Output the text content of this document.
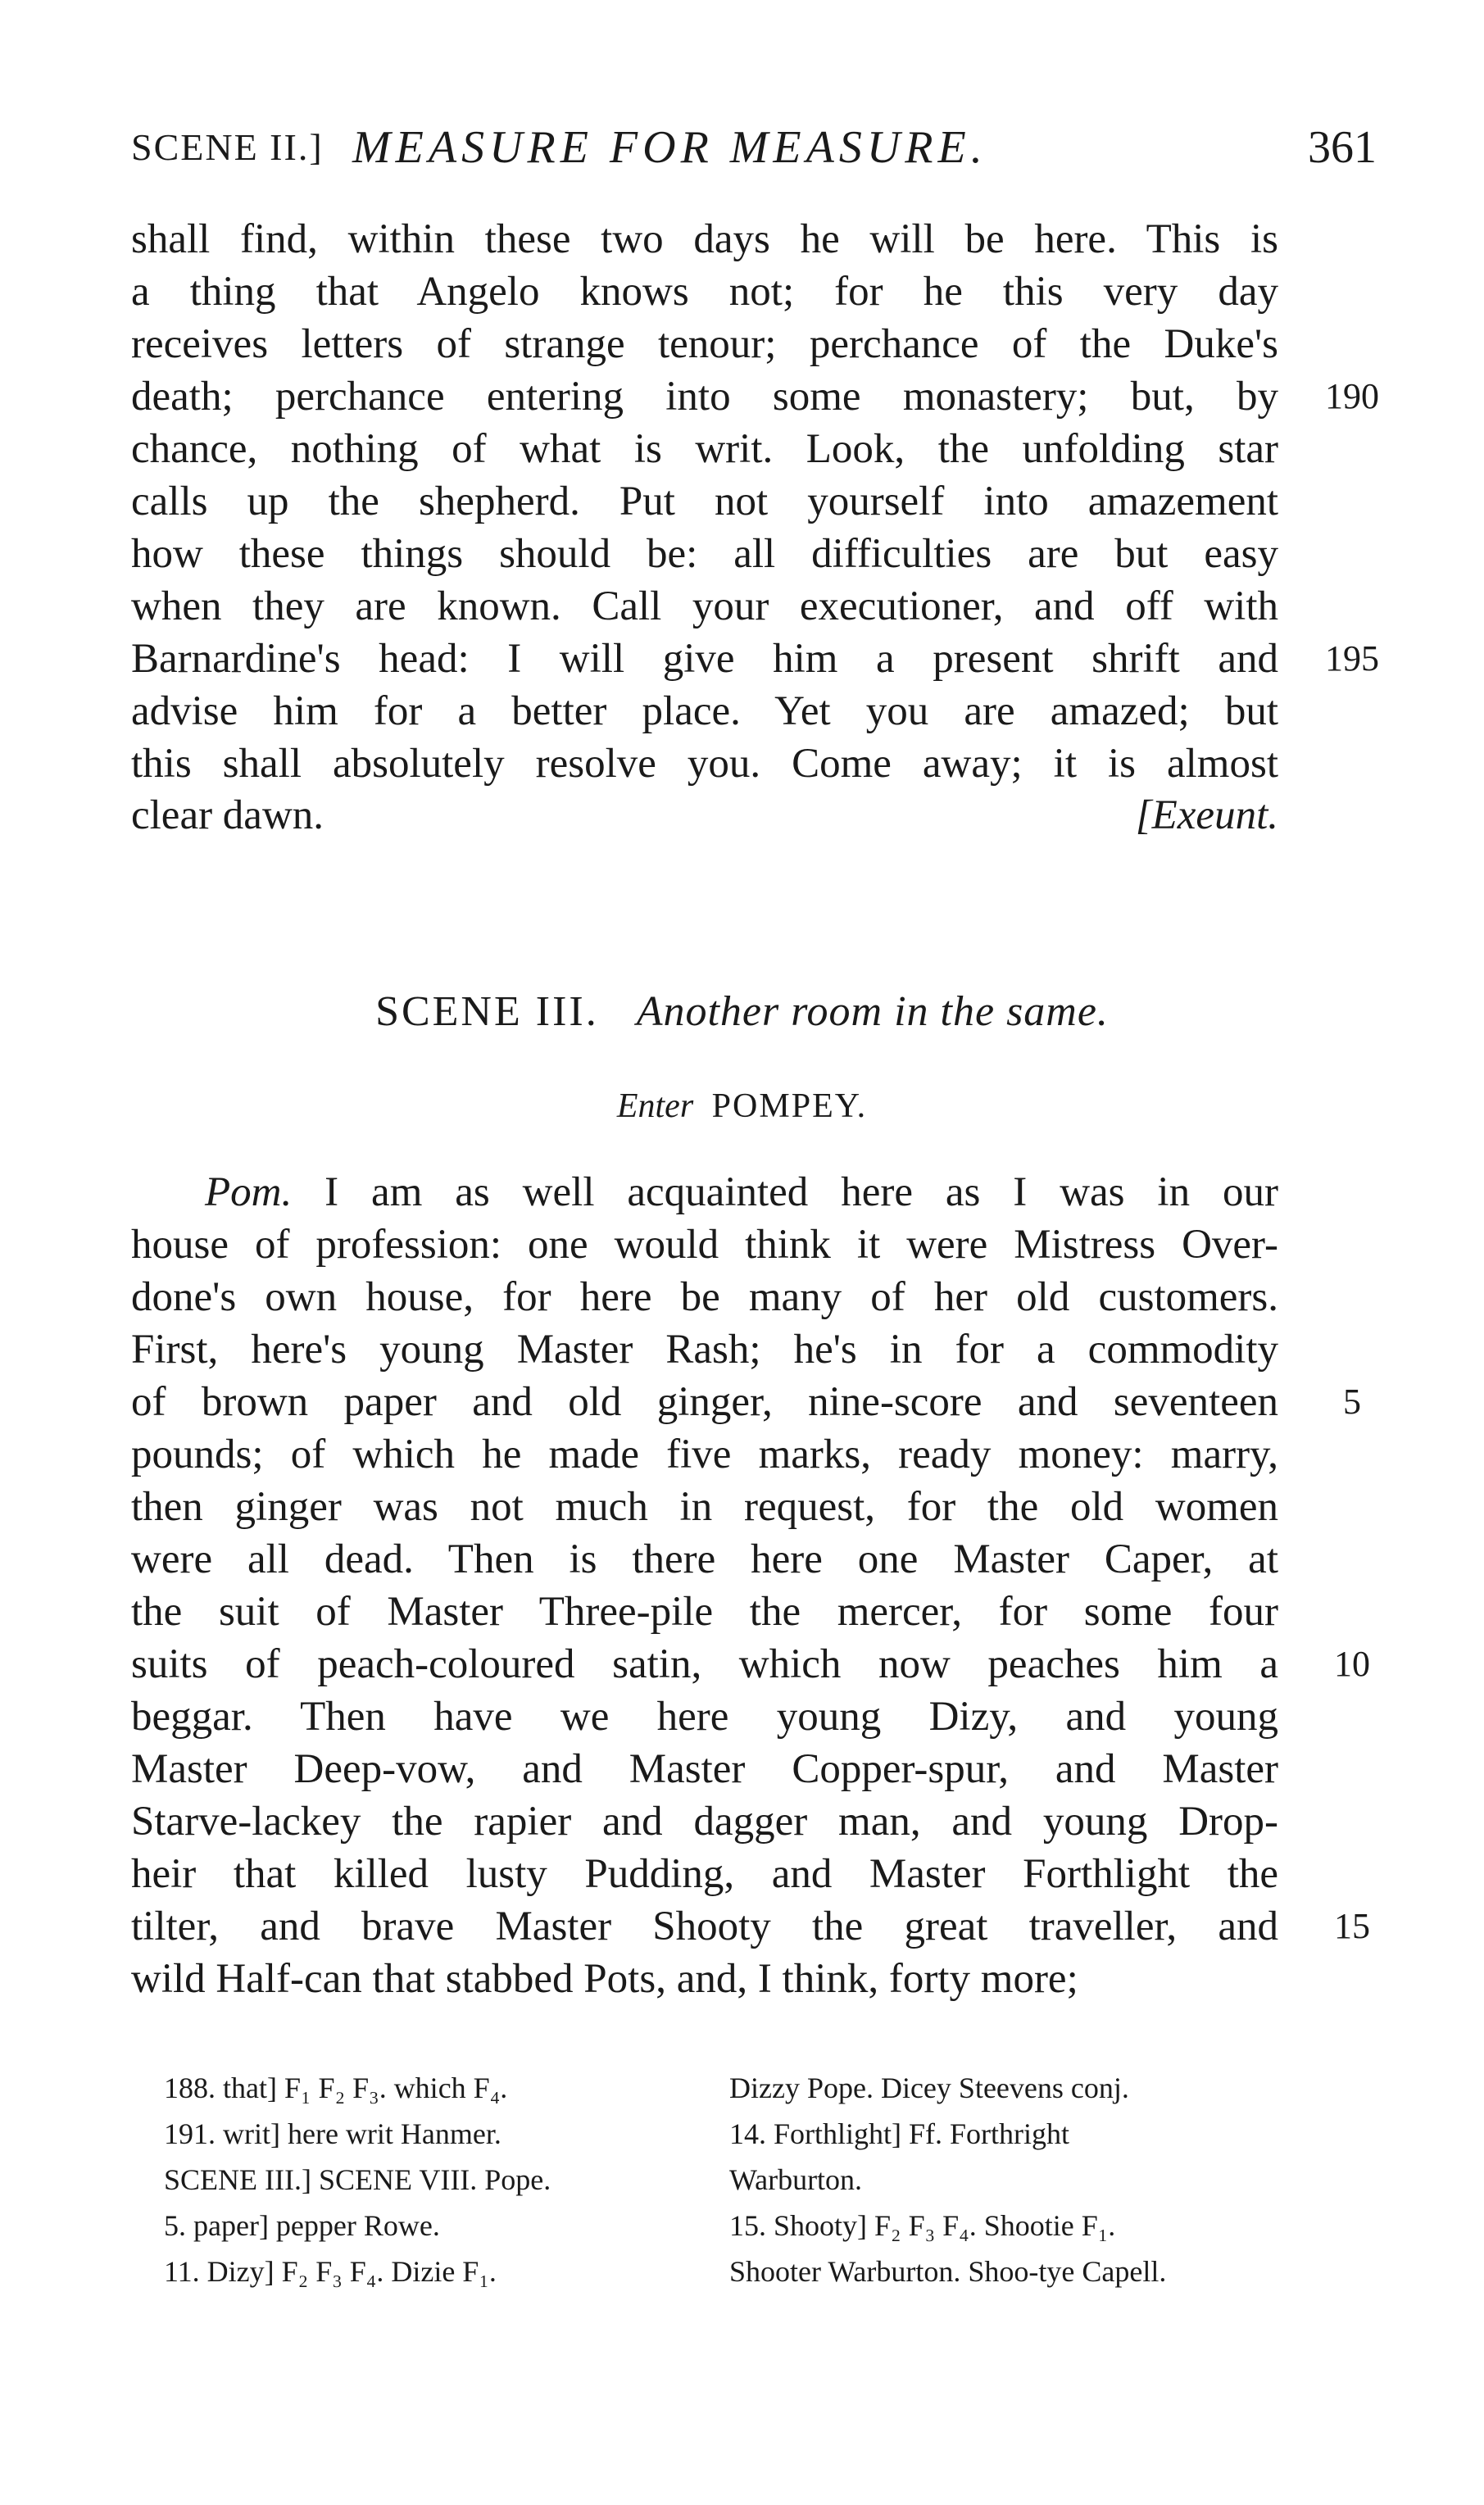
SCENE II.] MEASURE FOR MEASURE.	361
shall find, within these two days he will be here. This is
a thing that Angelo knows not; for he this very day
receives letters of strange tenour; perchance of the Duke's
death; perchance entering into some monastery; but, by
chance, nothing of what is writ. Look, the unfolding star
calls up the shepherd. Put not yourself into amazement
how these things should be: all difficulties are but easy
when they are known. Call your executioner, and off with
Barnardine's head: I will give him a present shrift and
advise him for a better place. Yet you are amazed; but
this shall absolutely resolve you. Come away; it is almost
clear dawn.	[Exeunt.
190
195
SCENE III. Another room in the same.
Enter POMPEY.
Pom. I am as well acquainted here as I was in our
house of profession: one would think it were Mistress Over-
done's own house, for here be many of her old customers.
First, here's young Master Rash; he's in for a commodity
of brown paper and old ginger, nine-score and seventeen
pounds; of which he made five marks, ready money: marry,
then ginger was not much in request, for the old women
were all dead. Then is there here one Master Caper, at
the suit of Master Three-pile the mercer, for some four
suits of peach-coloured satin, which now peaches him a
beggar. Then have we here young Dizy, and young
Master Deep-vow, and Master Copper-spur, and Master
Starve-lackey the rapier and dagger man, and young Drop-
heir that killed lusty Pudding, and Master Forthlight the
tilter, and brave Master Shooty the great traveller, and
wild Half-can that stabbed Pots, and, I think, forty more;
5
10
15
188. that] F₁ F₂ F₃. which F₄.
191. writ] here writ Hanmer.
SCENE III.] SCENE VIII. Pope.
5. paper] pepper Rowe.
11. Dizy] F₂ F₃ F₄. Dizie F₁.
Dizzy Pope. Dicey Steevens conj.
14. Forthlight] Ff. Forthright
Warburton.
15. Shooty] F₂ F₃ F₄. Shootie F₁.
Shooter Warburton. Shoo-tye Capell.
